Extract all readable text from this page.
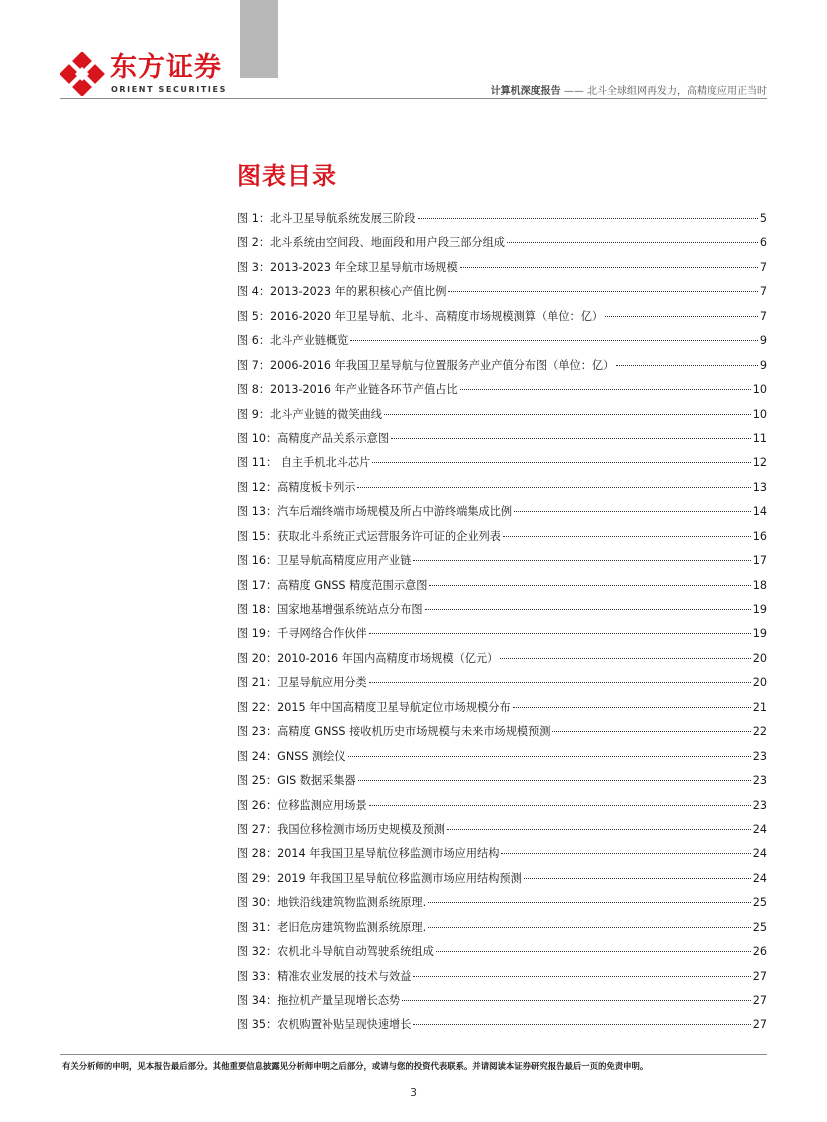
东方证券
ORIENT SECURITIES	计算机深度报告 —— 北斗全球组网再发力，高精度应用正当时
图表目录
图 1：北斗卫星导航系统发展三阶段	5
图 2：北斗系统由空间段、地面段和用户段三部分组成	6
图 3：2013-2023 年全球卫星导航市场规模	7
图 4：2013-2023 年的累积核心产值比例	7
图 5：2016-2020 年卫星导航、北斗、高精度市场规模测算（单位：亿）	7
图 6：北斗产业链概览	9
图 7：2006-2016 年我国卫星导航与位置服务产业产值分布图（单位：亿）	9
图 8：2013-2016 年产业链各环节产值占比	10
图 9：北斗产业链的微笑曲线	10
图 10：高精度产品关系示意图	11
图 11： 自主手机北斗芯片	12
图 12：高精度板卡列示	13
图 13：汽车后端终端市场规模及所占中游终端集成比例	14
图 15：获取北斗系统正式运营服务许可证的企业列表	16
图 16：卫星导航高精度应用产业链	17
图 17：高精度 GNSS 精度范围示意图	18
图 18：国家地基增强系统站点分布图	19
图 19：千寻网络合作伙伴	19
图 20：2010-2016 年国内高精度市场规模（亿元）	20
图 21：卫星导航应用分类	20
图 22：2015 年中国高精度卫星导航定位市场规模分布	21
图 23：高精度 GNSS 接收机历史市场规模与未来市场规模预测	22
图 24：GNSS 测绘仪	23
图 25：GIS 数据采集器	23
图 26：位移监测应用场景	23
图 27：我国位移检测市场历史规模及预测	24
图 28：2014 年我国卫星导航位移监测市场应用结构	24
图 29：2019 年我国卫星导航位移监测市场应用结构预测	24
图 30：地铁沿线建筑物监测系统原理.	25
图 31：老旧危房建筑物监测系统原理.	25
图 32：农机北斗导航自动驾驶系统组成	26
图 33：精准农业发展的技术与效益	27
图 34：拖拉机产量呈现增长态势	27
图 35：农机购置补贴呈现快速增长	27
有关分析师的申明，见本报告最后部分。其他重要信息披露见分析师申明之后部分，或请与您的投资代表联系。并请阅读本证券研究报告最后一页的免责申明。
3
